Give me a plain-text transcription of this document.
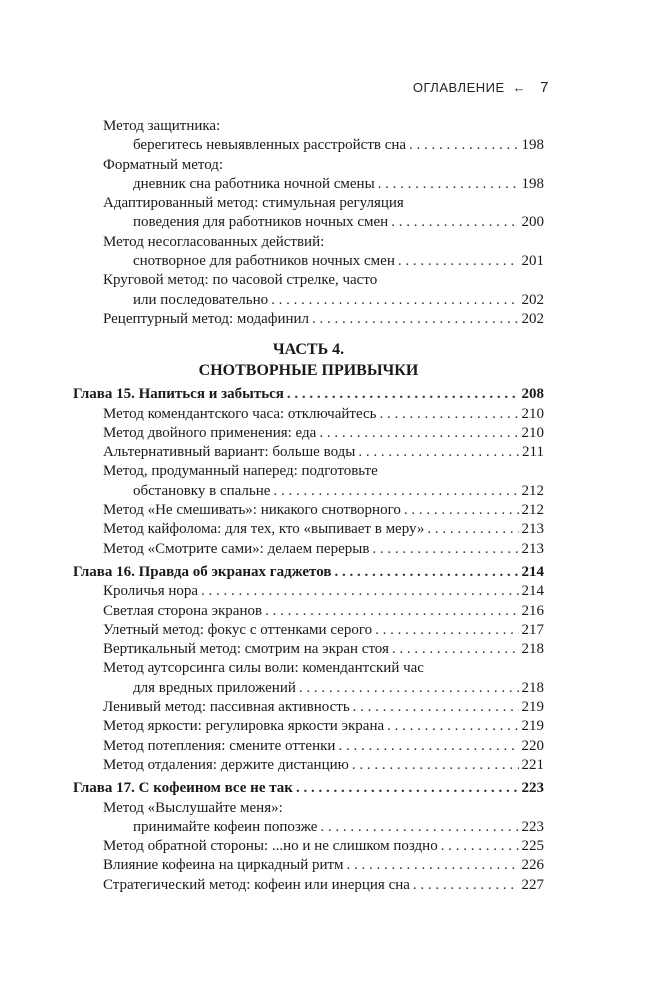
ОГЛАВЛЕНИЕ ← 7
Метод защитника:
берегитесь невыявленных расстройств сна . . .	198
Форматный метод:
дневник сна работника ночной смены . . .	198
Адаптированный метод: стимульная регуляция
поведения для работников ночных смен . . .	200
Метод несогласованных действий:
снотворное для работников ночных смен . . .	201
Круговой метод: по часовой стрелке, часто
или последовательно . . .	202
Рецептурный метод: модафинил . . .	202
ЧАСТЬ 4.
СНОТВОРНЫЕ ПРИВЫЧКИ
Глава 15. Напиться и забыться . . .	208
Метод комендантского часа: отключайтесь . . .	210
Метод двойного применения: еда . . .	210
Альтернативный вариант: больше воды . . .	211
Метод, продуманный наперед: подготовьте
обстановку в спальне . . .	212
Метод «Не смешивать»: никакого снотворного . . .	212
Метод кайфолома: для тех, кто «выпивает в меру» . . .	213
Метод «Смотрите сами»: делаем перерыв . . .	213
Глава 16. Правда об экранах гаджетов . . .	214
Кроличья нора . . .	214
Светлая сторона экранов . . .	216
Улетный метод: фокус с оттенками серого . . .	217
Вертикальный метод: смотрим на экран стоя . . .	218
Метод аутсорсинга силы воли: комендантский час
для вредных приложений . . .	218
Ленивый метод: пассивная активность . . .	219
Метод яркости: регулировка яркости экрана . . .	219
Метод потепления: смените оттенки . . .	220
Метод отдаления: держите дистанцию . . .	221
Глава 17. С кофеином все не так . . .	223
Метод «Выслушайте меня»:
принимайте кофеин попозже . . .	223
Метод обратной стороны: ...но и не слишком поздно . . .	225
Влияние кофеина на циркадный ритм . . .	226
Стратегический метод: кофеин или инерция сна . . .	227
